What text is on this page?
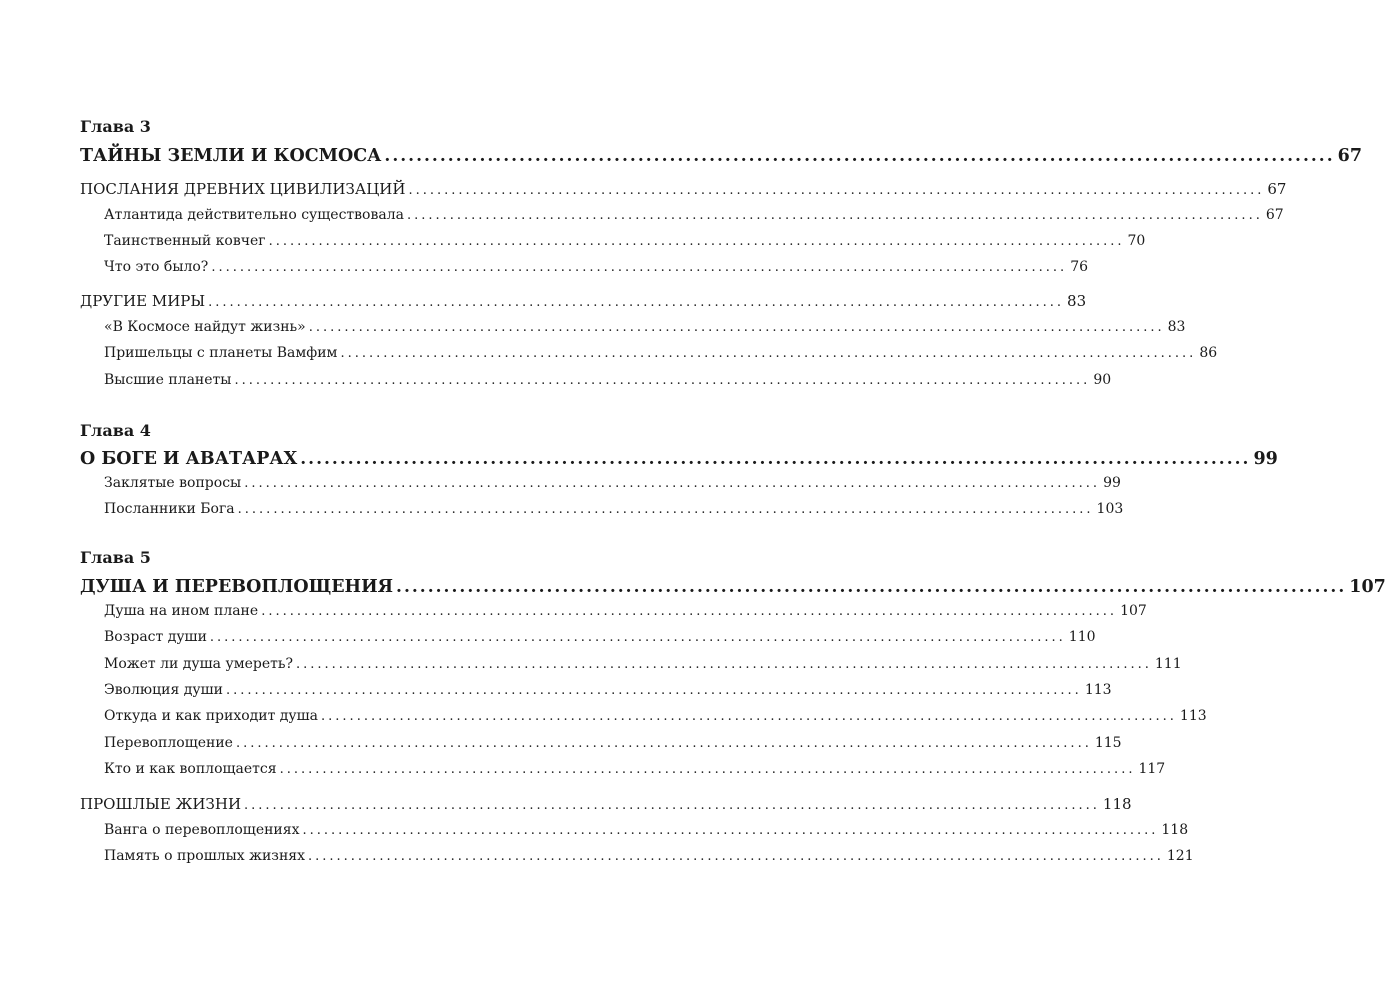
Глава 3
ТАЙНЫ ЗЕМЛИ И КОСМОСА ........................................................................................................................ 67
ПОСЛАНИЯ ДРЕВНИХ ЦИВИЛИЗАЦИЙ ........................................................................................................................ 67
Атлантида действительно существовала ........................................................................................................................ 67
Таинственный ковчег ........................................................................................................................ 70
Что это было? ........................................................................................................................ 76
ДРУГИЕ МИРЫ ........................................................................................................................ 83
«В Космосе найдут жизнь» ........................................................................................................................ 83
Пришельцы с планеты Вамфим ........................................................................................................................ 86
Высшие планеты ........................................................................................................................ 90
Глава 4
О БОГЕ И АВАТАРАХ ........................................................................................................................ 99
Заклятые вопросы ........................................................................................................................ 99
Посланники Бога ........................................................................................................................ 103
Глава 5
ДУША И ПЕРЕВОПЛОЩЕНИЯ ........................................................................................................................ 107
Душа на ином плане ........................................................................................................................ 107
Возраст души ........................................................................................................................ 110
Может ли душа умереть? ........................................................................................................................ 111
Эволюция души ........................................................................................................................ 113
Откуда и как приходит душа ........................................................................................................................ 113
Перевоплощение ........................................................................................................................ 115
Кто и как воплощается ........................................................................................................................ 117
ПРОШЛЫЕ ЖИЗНИ ........................................................................................................................ 118
Ванга о перевоплощениях ........................................................................................................................ 118
Память о прошлых жизнях ........................................................................................................................ 121
